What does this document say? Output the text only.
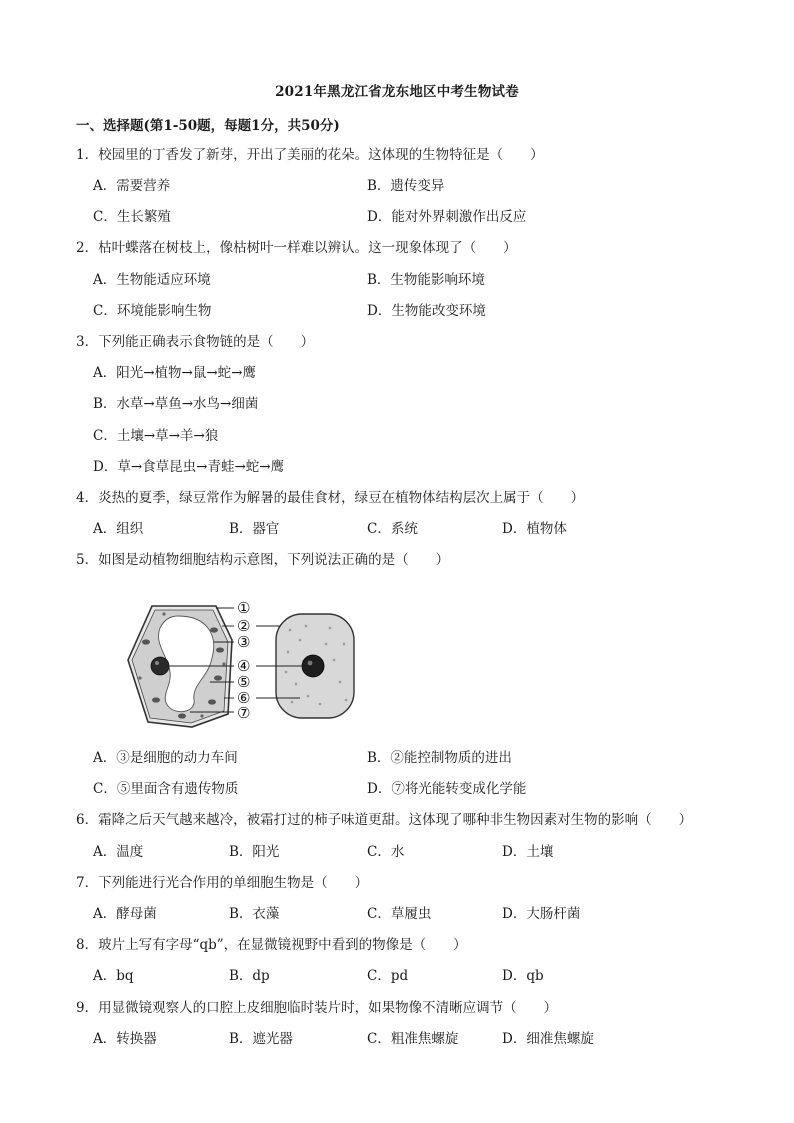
2021年黑龙江省龙东地区中考生物试卷
一、选择题(第1-50题，每题1分，共50分)
1．校园里的丁香发了新芽，开出了美丽的花朵。这体现的生物特征是（　　）
A．需要营养	B．遗传变异
C．生长繁殖	D．能对外界刺激作出反应
2．枯叶蝶落在树枝上，像枯树叶一样难以辨认。这一现象体现了（　　）
A．生物能适应环境	B．生物能影响环境
C．环境能影响生物	D．生物能改变环境
3．下列能正确表示食物链的是（　　）
A．阳光→植物→鼠→蛇→鹰
B．水草→草鱼→水鸟→细菌
C．土壤→草→羊→狼
D．草→食草昆虫→青蛙→蛇→鹰
4．炎热的夏季，绿豆常作为解暑的最佳食材，绿豆在植物体结构层次上属于（　　）
A．组织	B．器官	C．系统	D．植物体
5．如图是动植物细胞结构示意图，下列说法正确的是（　　）
①
②
③
④
⑤
⑥
⑦
A．③是细胞的动力车间	B．②能控制物质的进出
C．⑤里面含有遗传物质	D．⑦将光能转变成化学能
6．霜降之后天气越来越冷，被霜打过的柿子味道更甜。这体现了哪种非生物因素对生物的影响（　　）
A．温度	B．阳光	C．水	D．土壤
7．下列能进行光合作用的单细胞生物是（　　）
A．酵母菌	B．衣藻	C．草履虫	D．大肠杆菌
8．玻片上写有字母“qb”，在显微镜视野中看到的物像是（　　）
A．bq	B．dp	C．pd	D．qb
9．用显微镜观察人的口腔上皮细胞临时装片时，如果物像不清晰应调节（　　）
A．转换器	B．遮光器	C．粗准焦螺旋	D．细准焦螺旋
